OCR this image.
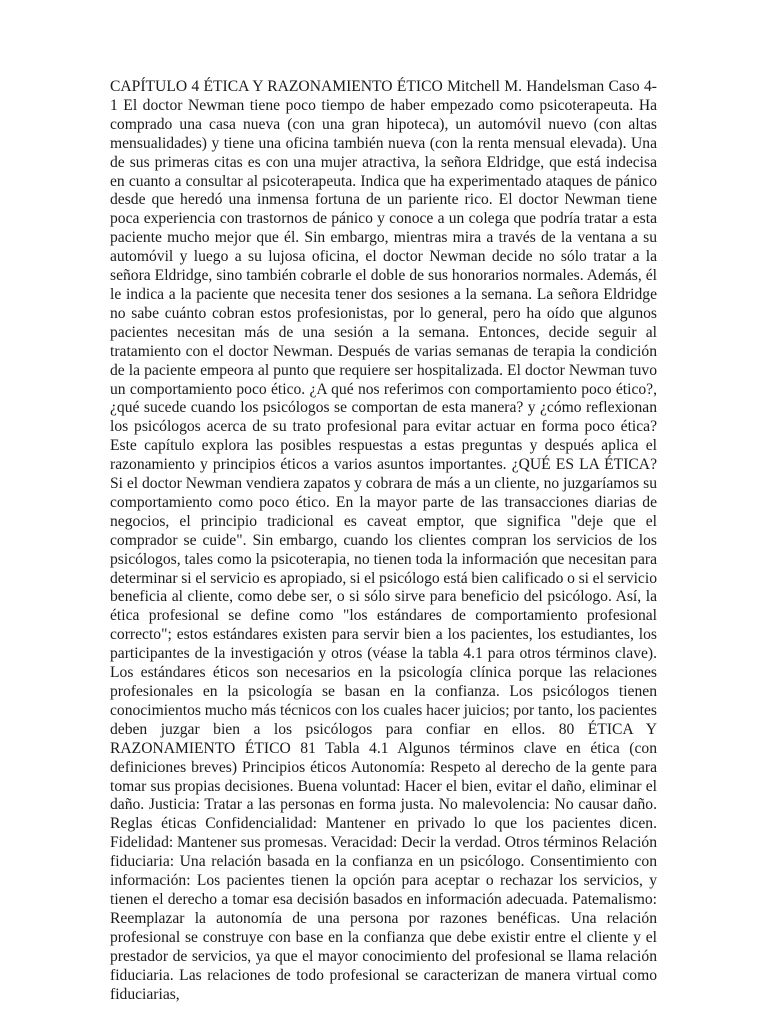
CAPÍTULO 4 ÉTICA Y RAZONAMIENTO ÉTICO Mitchell M. Handelsman Caso 4-1 El doctor Newman tiene poco tiempo de haber empezado como psicoterapeuta. Ha comprado una casa nueva (con una gran hipoteca), un automóvil nuevo (con altas mensualidades) y tiene una oficina también nueva (con la renta mensual elevada). Una de sus primeras citas es con una mujer atractiva, la señora Eldridge, que está indecisa en cuanto a consultar al psicoterapeuta. Indica que ha experimentado ataques de pánico desde que heredó una inmensa fortuna de un pariente rico. El doctor Newman tiene poca experiencia con trastornos de pánico y conoce a un colega que podría tratar a esta paciente mucho mejor que él. Sin embargo, mientras mira a través de la ventana a su automóvil y luego a su lujosa oficina, el doctor Newman decide no sólo tratar a la señora Eldridge, sino también cobrarle el doble de sus honorarios normales. Además, él le indica a la paciente que necesita tener dos sesiones a la semana. La señora Eldridge no sabe cuánto cobran estos profesionistas, por lo general, pero ha oído que algunos pacientes necesitan más de una sesión a la semana. Entonces, decide seguir al tratamiento con el doctor Newman. Después de varias semanas de terapia la condición de la paciente empeora al punto que requiere ser hospitalizada. El doctor Newman tuvo un comportamiento poco ético. ¿A qué nos referimos con comportamiento poco ético?, ¿qué sucede cuando los psicólogos se comportan de esta manera? y ¿cómo reflexionan los psicólogos acerca de su trato profesional para evitar actuar en forma poco ética? Este capítulo explora las posibles respuestas a estas preguntas y después aplica el razonamiento y principios éticos a varios asuntos importantes. ¿QUÉ ES LA ÉTICA? Si el doctor Newman vendiera zapatos y cobrara de más a un cliente, no juzgaríamos su comportamiento como poco ético. En la mayor parte de las transacciones diarias de negocios, el principio tradicional es caveat emptor, que significa "deje que el comprador se cuide". Sin embargo, cuando los clientes compran los servicios de los psicólogos, tales como la psicoterapia, no tienen toda la información que necesitan para determinar si el servicio es apropiado, si el psicólogo está bien calificado o si el servicio beneficia al cliente, como debe ser, o si sólo sirve para beneficio del psicólogo. Así, la ética profesional se define como "los estándares de comportamiento profesional correcto"; estos estándares existen para servir bien a los pacientes, los estudiantes, los participantes de la investigación y otros (véase la tabla 4.1 para otros términos clave). Los estándares éticos son necesarios en la psicología clínica porque las relaciones profesionales en la psicología se basan en la confianza. Los psicólogos tienen conocimientos mucho más técnicos con los cuales hacer juicios; por tanto, los pacientes deben juzgar bien a los psicólogos para confiar en ellos. 80 ÉTICA Y RAZONAMIENTO ÉTICO 81 Tabla 4.1 Algunos términos clave en ética (con definiciones breves) Principios éticos Autonomía: Respeto al derecho de la gente para tomar sus propias decisiones. Buena voluntad: Hacer el bien, evitar el daño, eliminar el daño. Justicia: Tratar a las personas en forma justa. No malevolencia: No causar daño. Reglas éticas Confidencialidad: Mantener en privado lo que los pacientes dicen. Fidelidad: Mantener sus promesas. Veracidad: Decir la verdad. Otros términos Relación fiduciaria: Una relación basada en la confianza en un psicólogo. Consentimiento con información: Los pacientes tienen la opción para aceptar o rechazar los servicios, y tienen el derecho a tomar esa decisión basados en información adecuada. Patemalismo: Reemplazar la autonomía de una persona por razones benéficas. Una relación profesional se construye con base en la confianza que debe existir entre el cliente y el prestador de servicios, ya que el mayor conocimiento del profesional se llama relación fiduciaria. Las relaciones de todo profesional se caracterizan de manera virtual como fiduciarias,
